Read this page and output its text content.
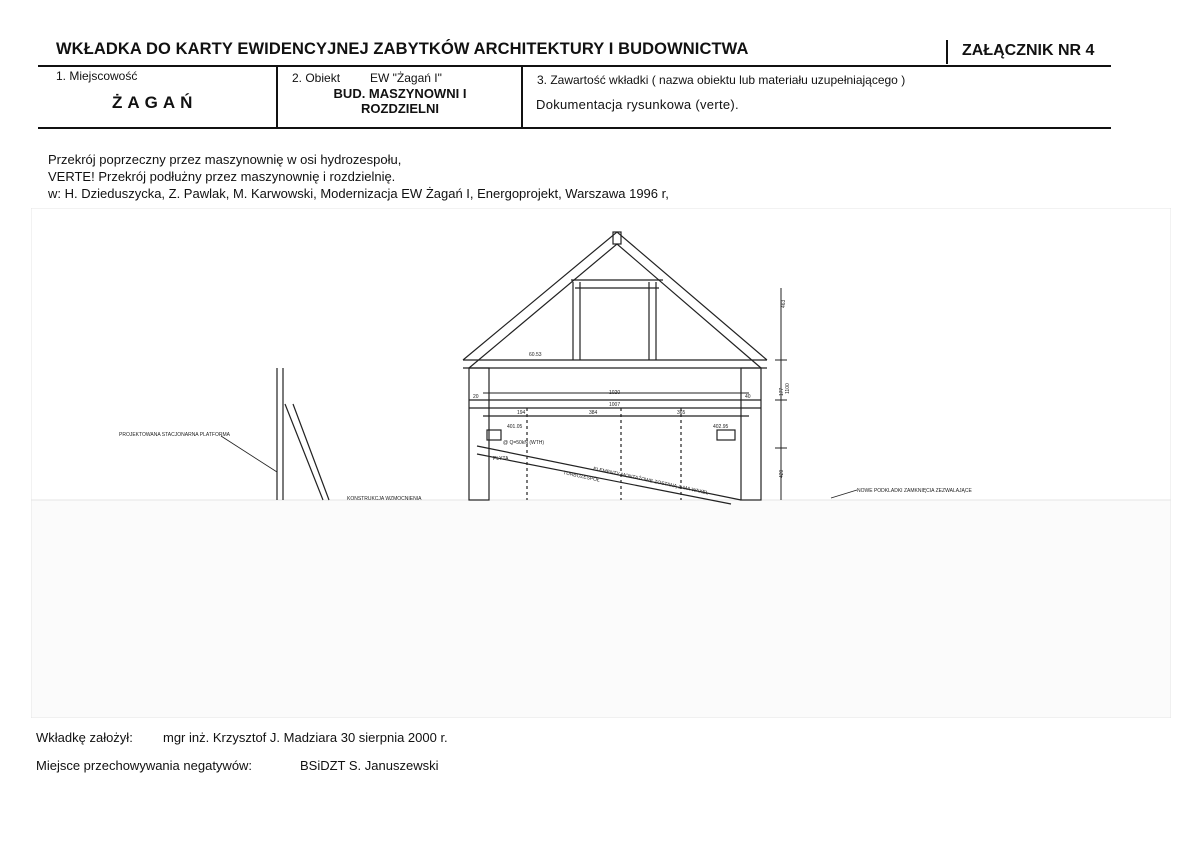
WKŁADKA DO KARTY EWIDENCYJNEJ ZABYTKÓW ARCHITEKTURY I BUDOWNICTWA	ZAŁĄCZNIK NR 4
1. Miejscowość
ŻAGAŃ
2. Obiekt EW "Żagań I"
BUD. MASZYNOWNI I ROZDZIELNI
3. Zawartość wkładki ( nazwa obiektu lub materiału uzupełniającego )
Dokumentacja rysunkowa (verte).
Przekrój poprzeczny przez maszynownię w osi hydrozespołu,
VERTE! Przekrój podłużny przez maszynownię i rozdzielnię.
w: H. Dzieduszycka, Z. Pawlak, M. Karwowski, Modernizacja EW Żagań I, Energoprojekt, Warszawa 1996 r,
1020
1007
194	384	365
60.53
401.05	402.95
1100
420
177
463
20	40
KONSTRUKCJA WZMOCNIENIA
ELEMENTY MONTAŻOWE ZOSTANĄ Z-MA WAXEL
TURBOZESPÓŁ
@ Q=50kN (WTH)
PROJEKTOWANA STACJONARNA PLATFORMA
NOWE PODKLADKI ZAMKNIĘCIA ZEZWALAJĄCE
PŁYTA
Wkładkę założył: mgr inż. Krzysztof J. Madziara 30 sierpnia 2000 r.
Miejsce przechowywania negatywów:	BSiDZT S. Januszewski
